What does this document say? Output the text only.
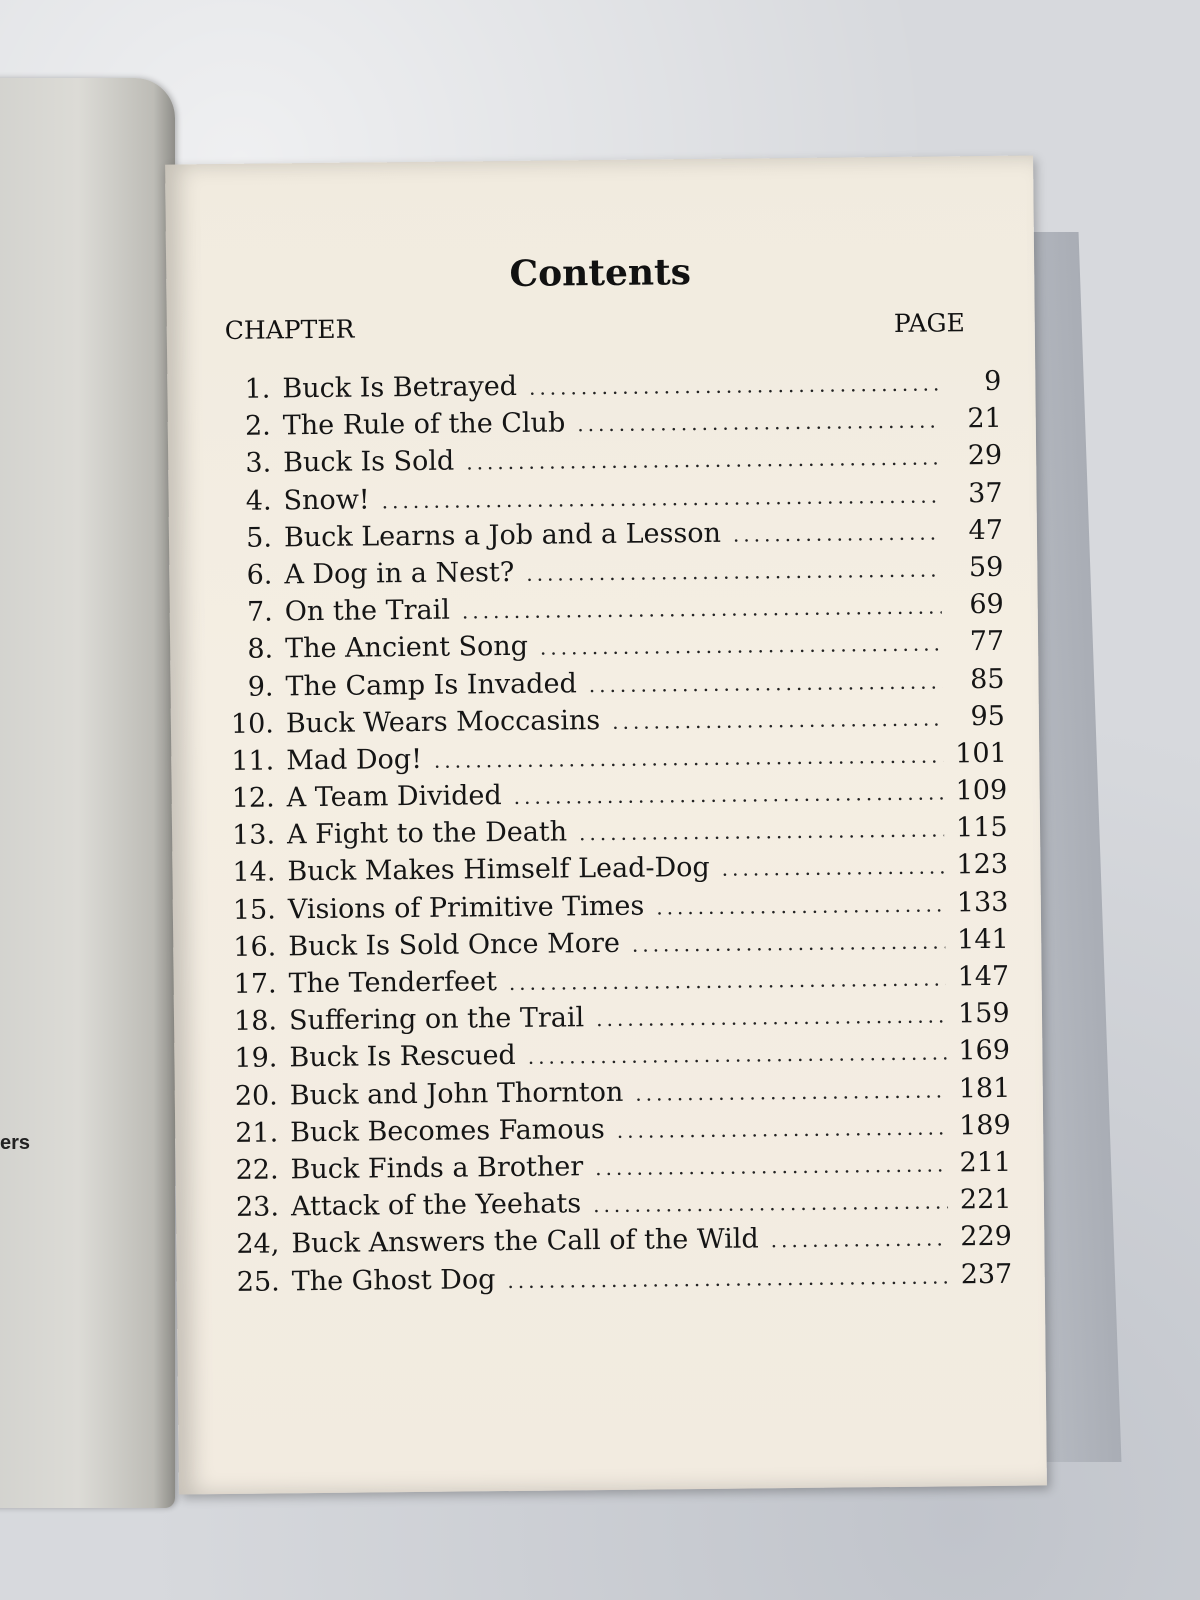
ers
Contents
CHAPTER	PAGE
1. Buck Is Betrayed .....	9
2. The Rule of the Club .....	21
3. Buck Is Sold .....	29
4. Snow! .....	37
5. Buck Learns a Job and a Lesson .....	47
6. A Dog in a Nest? .....	59
7. On the Trail .....	69
8. The Ancient Song .....	77
9. The Camp Is Invaded .....	85
10. Buck Wears Moccasins .....	95
11. Mad Dog! .....	101
12. A Team Divided .....	109
13. A Fight to the Death .....	115
14. Buck Makes Himself Lead-Dog .....	123
15. Visions of Primitive Times .....	133
16. Buck Is Sold Once More .....	141
17. The Tenderfeet .....	147
18. Suffering on the Trail .....	159
19. Buck Is Rescued .....	169
20. Buck and John Thornton .....	181
21. Buck Becomes Famous .....	189
22. Buck Finds a Brother .....	211
23. Attack of the Yeehats .....	221
24, Buck Answers the Call of the Wild .....	229
25. The Ghost Dog .....	237
